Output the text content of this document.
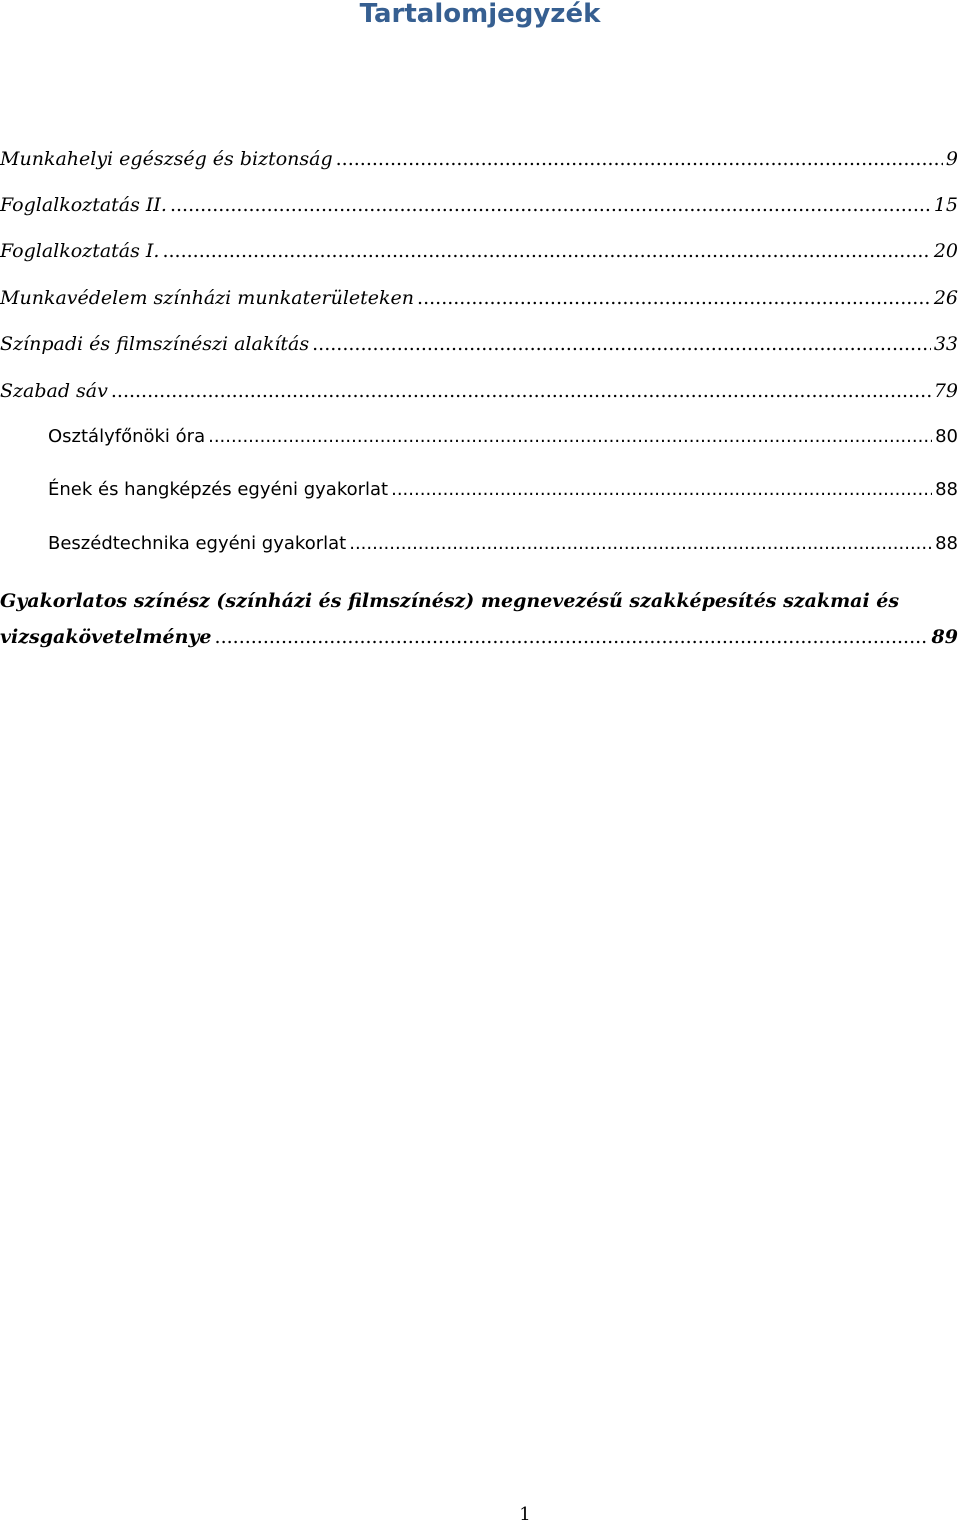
Tartalomjegyzék
Munkahelyi egészség és biztonság .....	9
Foglalkoztatás II. .....	15
Foglalkoztatás I. .....	20
Munkavédelem színházi munkaterületeken .....	26
Színpadi és filmszínészi alakítás .....	33
Szabad sáv .....	79
Osztályfőnöki óra .....	80
Ének és hangképzés egyéni gyakorlat .....	88
Beszédtechnika egyéni gyakorlat .....	88
Gyakorlatos színész (színházi és filmszínész) megnevezésű szakképesítés szakmai és
vizsgakövetelménye .....	89
1
